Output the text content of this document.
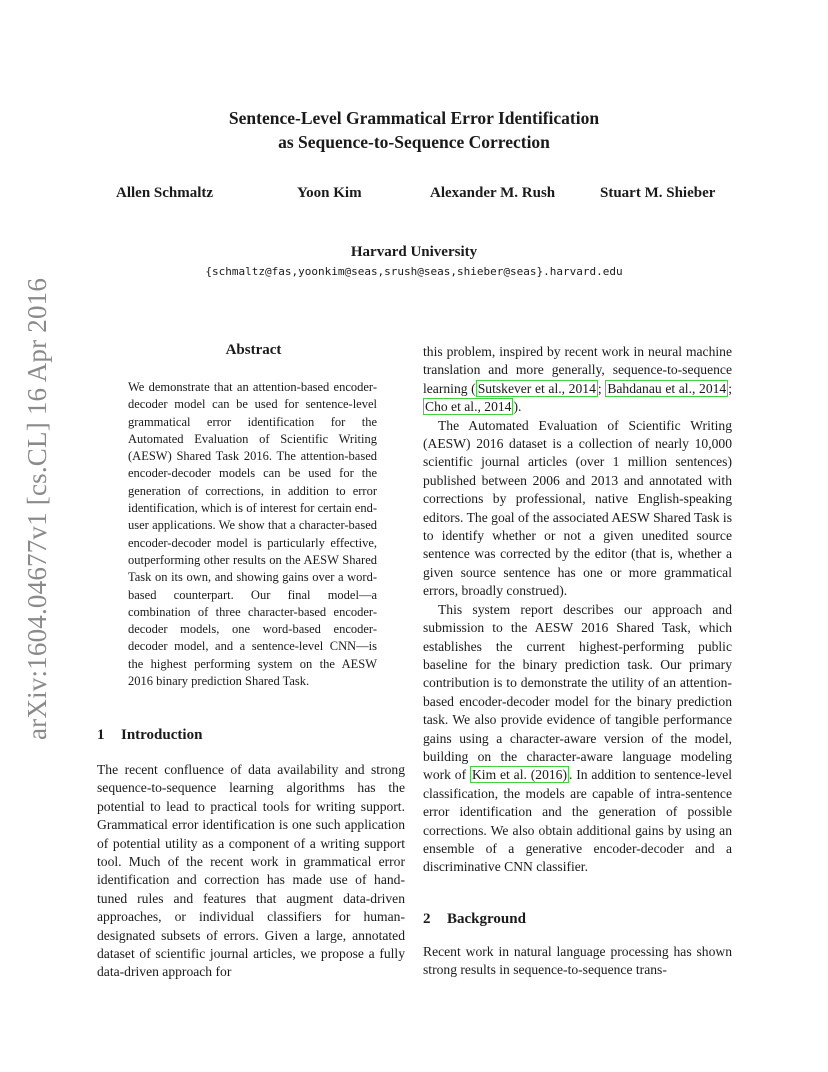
arXiv:1604.04677v1 [cs.CL] 16 Apr 2016
Sentence-Level Grammatical Error Identification
as Sequence-to-Sequence Correction
Allen Schmaltz	Yoon Kim	Alexander M. Rush	Stuart M. Shieber
Harvard University
{schmaltz@fas,yoonkim@seas,srush@seas,shieber@seas}.harvard.edu
Abstract
We demonstrate that an attention-based encoder-decoder model can be used for sentence-level grammatical error identification for the Automated Evaluation of Scientific Writing (AESW) Shared Task 2016. The attention-based encoder-decoder models can be used for the generation of corrections, in addition to error identification, which is of interest for certain end-user applications. We show that a character-based encoder-decoder model is particularly effective, outperforming other results on the AESW Shared Task on its own, and showing gains over a word-based counterpart. Our final model—a combination of three character-based encoder-decoder models, one word-based encoder-decoder model, and a sentence-level CNN—is the highest performing system on the AESW 2016 binary prediction Shared Task.
1 Introduction
The recent confluence of data availability and strong sequence-to-sequence learning algorithms has the potential to lead to practical tools for writing support. Grammatical error identification is one such application of potential utility as a component of a writing support tool. Much of the recent work in grammatical error identification and correction has made use of hand-tuned rules and features that augment data-driven approaches, or individual classifiers for human-designated subsets of errors. Given a large, annotated dataset of scientific journal articles, we propose a fully data-driven approach for
this problem, inspired by recent work in neural machine translation and more generally, sequence-to-sequence learning ( Sutskever et al., 2014 ; Bahdanau et al., 2014 ; Cho et al., 2014 ).
The Automated Evaluation of Scientific Writing (AESW) 2016 dataset is a collection of nearly 10,000 scientific journal articles (over 1 million sentences) published between 2006 and 2013 and annotated with corrections by professional, native English-speaking editors. The goal of the associated AESW Shared Task is to identify whether or not a given unedited source sentence was corrected by the editor (that is, whether a given source sentence has one or more grammatical errors, broadly construed).
This system report describes our approach and submission to the AESW 2016 Shared Task, which establishes the current highest-performing public baseline for the binary prediction task. Our primary contribution is to demonstrate the utility of an attention-based encoder-decoder model for the binary prediction task. We also provide evidence of tangible performance gains using a character-aware version of the model, building on the character-aware language modeling work of Kim et al. (2016) . In addition to sentence-level classification, the models are capable of intra-sentence error identification and the generation of possible corrections. We also obtain additional gains by using an ensemble of a generative encoder-decoder and a discriminative CNN classifier.
2 Background
Recent work in natural language processing has shown strong results in sequence-to-sequence trans-
